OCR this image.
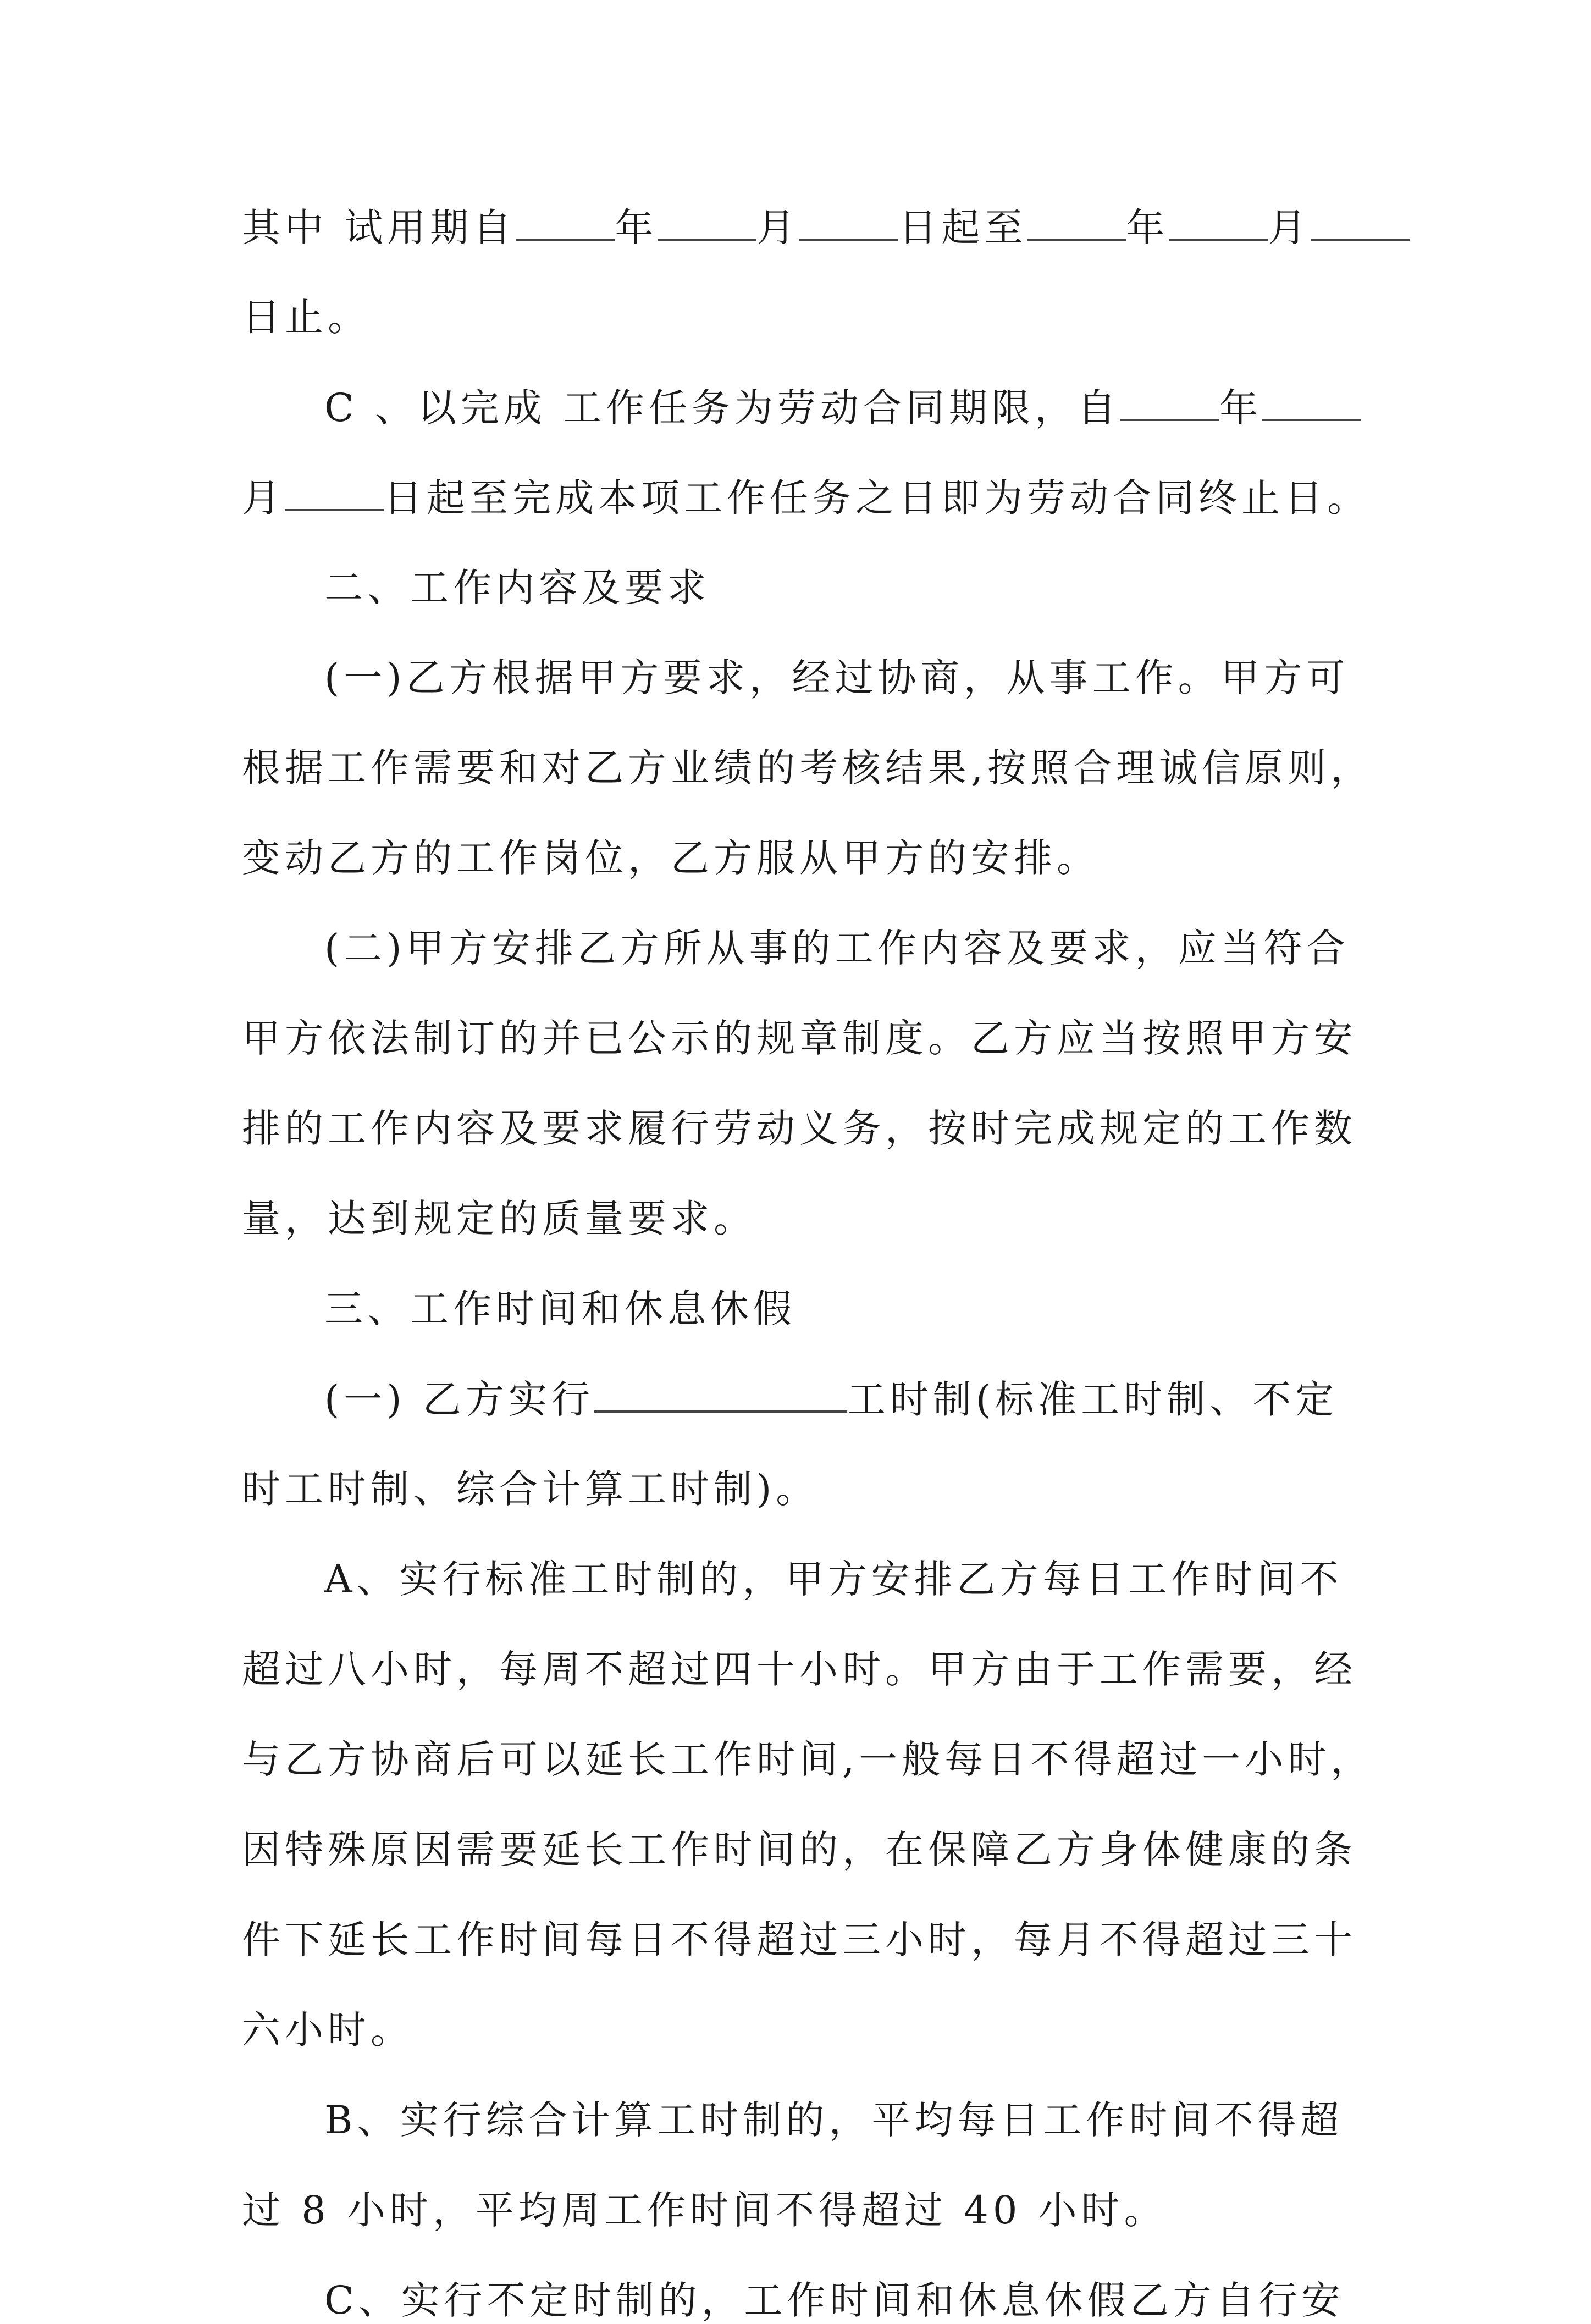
其中 试用期自	年	月	日起至	年	月

日止。

C 、以完成 工作任务为劳动合同期限，自	年

月	日起至完成本项工作任务之日即为劳动合同终止日。

二、工作内容及要求

(一)乙方根据甲方要求，经过协商，从事工作。甲方可

根据工作需要和对乙方业绩的考核结果,按照合理诚信原则，

变动乙方的工作岗位，乙方服从甲方的安排。

(二)甲方安排乙方所从事的工作内容及要求，应当符合

甲方依法制订的并已公示的规章制度。乙方应当按照甲方安

排的工作内容及要求履行劳动义务，按时完成规定的工作数

量，达到规定的质量要求。

三、工作时间和休息休假

(一) 乙方实行	工时制(标准工时制、不定

时工时制、综合计算工时制)。

A、实行标准工时制的，甲方安排乙方每日工作时间不

超过八小时，每周不超过四十小时。甲方由于工作需要，经

与乙方协商后可以延长工作时间,一般每日不得超过一小时，

因特殊原因需要延长工作时间的，在保障乙方身体健康的条

件下延长工作时间每日不得超过三小时，每月不得超过三十

六小时。

B、实行综合计算工时制的，平均每日工作时间不得超

过 8 小时，平均周工作时间不得超过 40 小时。

C、实行不定时制的，工作时间和休息休假乙方自行安
